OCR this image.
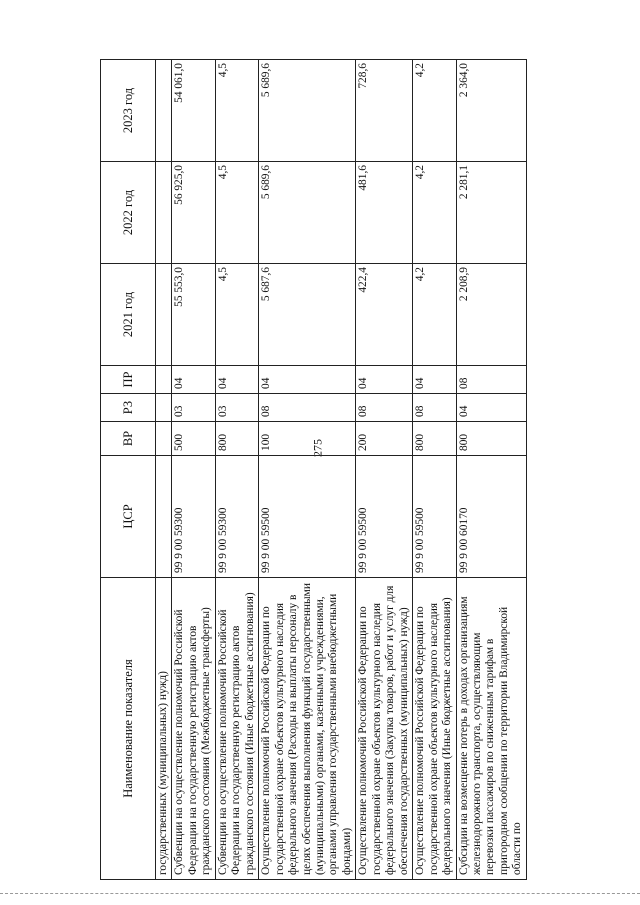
275
Наименование показателя	ЦСР	ВР	РЗ	ПР	2021 год	2022 год	2023 год
государственных (муниципальных) нужд)							
Субвенции на осуществление полномочий Российской Федерации на государственную регистрацию актов гражданского состояния (Межбюджетные трансферты)	99 9 00 59300	500	03	04	55 553,0	56 925,0	54 061,0
Субвенции на осуществление полномочий Российской Федерации на государственную регистрацию актов гражданского состояния (Иные бюджетные ассигнования)	99 9 00 59300	800	03	04	4,5	4,5	4,5
Осуществление полномочий Российской Федерации по государственной охране объектов культурного наследия федерального значения (Расходы на выплаты персоналу в целях обеспечения выполнения функций государственными (муниципальными) органами, казенными учреждениями, органами управления государственными внебюджетными фондами)	99 9 00 59500	100	08	04	5 687,6	5 689,6	5 689,6
Осуществление полномочий Российской Федерации по государственной охране объектов культурного наследия федерального значения (Закупка товаров, работ и услуг для обеспечения государственных (муниципальных) нужд)	99 9 00 59500	200	08	04	422,4	481,6	728,6
Осуществление полномочий Российской Федерации по государственной охране объектов культурного наследия федерального значения (Иные бюджетные ассигнования)	99 9 00 59500	800	08	04	4,2	4,2	4,2
Субсидии на возмещение потерь в доходах организациям железнодорожного транспорта, осуществляющим перевозки пассажиров по сниженным тарифам в пригородном сообщении по территории Владимирской области по	99 9 00 60170	800	04	08	2 208,9	2 281,1	2 364,0
